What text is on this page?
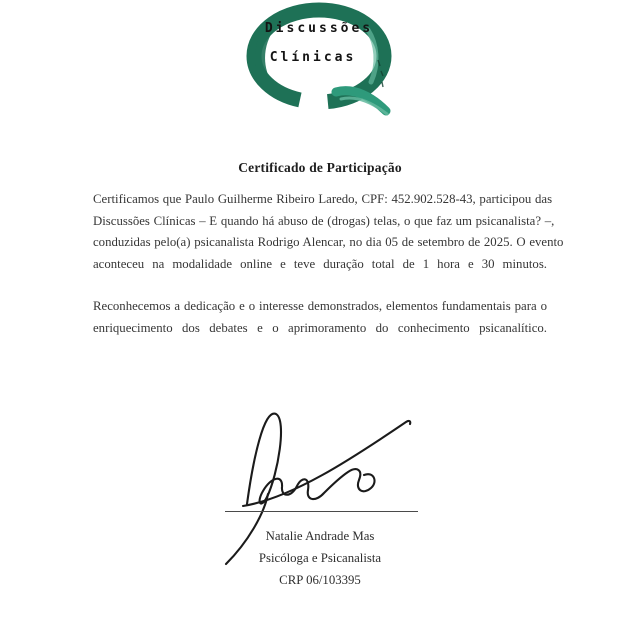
Discussões
Clínicas
Certificado de Participação
Certificamos que Paulo Guilherme Ribeiro Laredo, CPF: 452.902.528-43, participou das
Discussões Clínicas – E quando há abuso de (drogas) telas, o que faz um psicanalista? –,
conduzidas pelo(a) psicanalista Rodrigo Alencar, no dia 05 de setembro de 2025. O evento
aconteceu na modalidade online e teve duração total de 1 hora e 30 minutos.
Reconhecemos a dedicação e o interesse demonstrados, elementos fundamentais para o
enriquecimento dos debates e o aprimoramento do conhecimento psicanalítico.
Natalie Andrade Mas
Psicóloga e Psicanalista
CRP 06/103395
